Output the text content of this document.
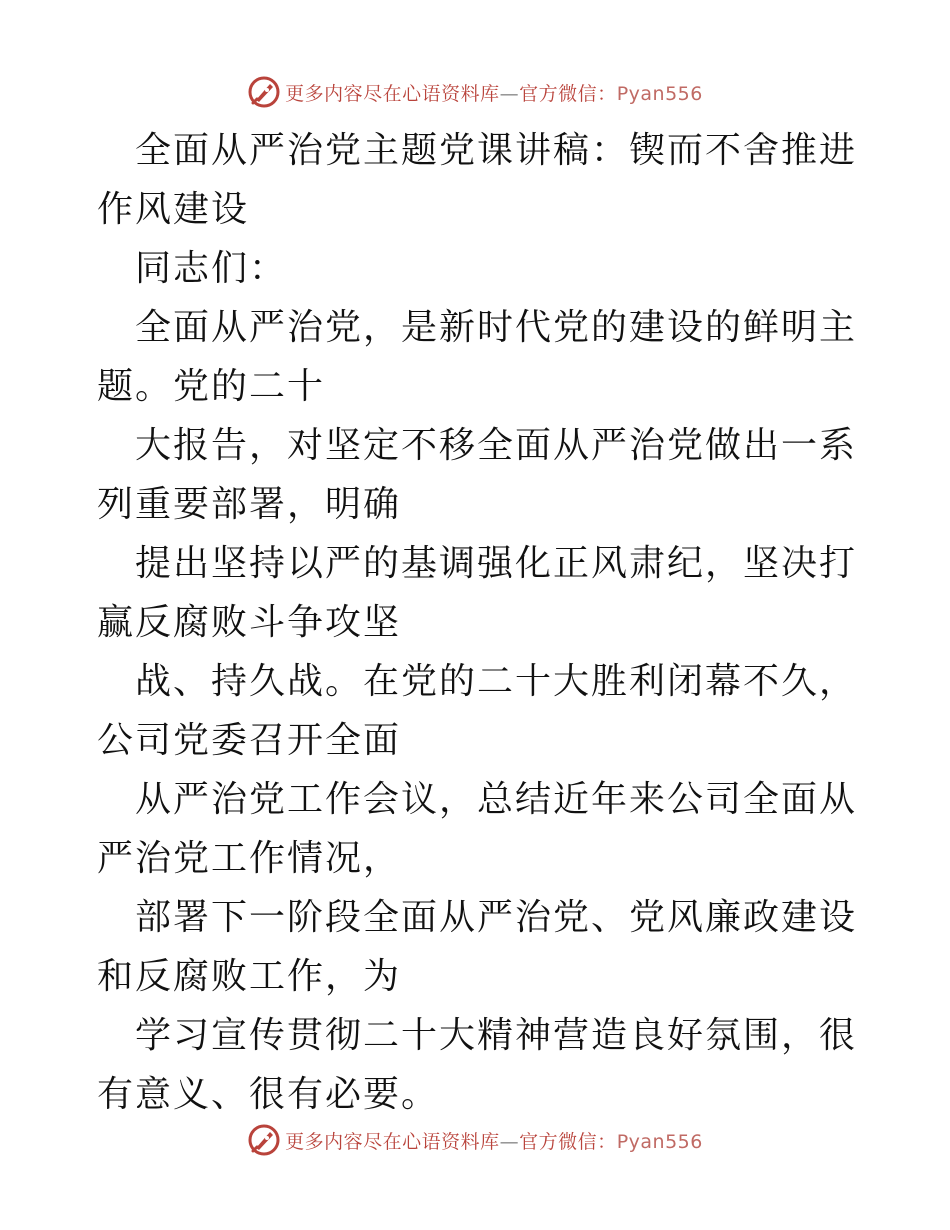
更多内容尽在心语资料库—官方微信：Pyan556

全面从严治党主题党课讲稿：锲而不舍推进作风建设

同志们：

全面从严治党，是新时代党的建设的鲜明主题。党的二十

大报告，对坚定不移全面从严治党做出一系列重要部署，明确

提出坚持以严的基调强化正风肃纪，坚决打赢反腐败斗争攻坚

战、持久战。在党的二十大胜利闭幕不久，公司党委召开全面

从严治党工作会议，总结近年来公司全面从严治党工作情况，

部署下一阶段全面从严治党、党风廉政建设和反腐败工作，为

学习宣传贯彻二十大精神营造良好氛围，很有意义、很有必要。

更多内容尽在心语资料库—官方微信：Pyan556
